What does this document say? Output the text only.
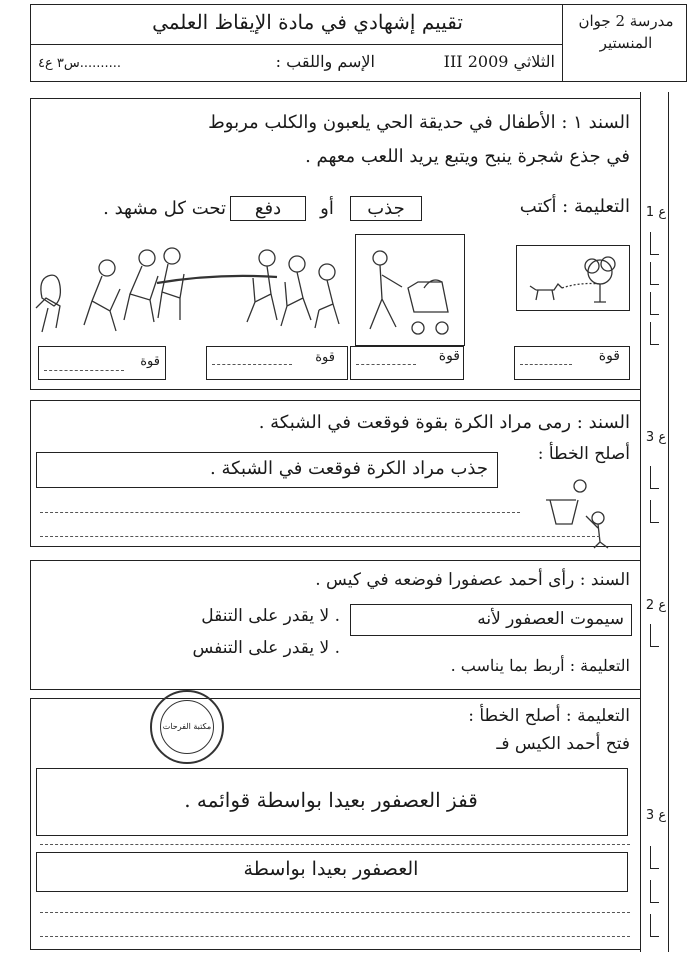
مدرسة 2 جوان المنستير
تقييم إشهادي في مادة الإيقاظ العلمي
الثلاثي III 2009
الإسم واللقب :
..........س٣ ع٤
السند ١ : الأطفال في حديقة الحي يلعبون والكلب مربوط
في جذع شجرة ينبح ويتبع يريد اللعب معهم .
التعليمة : أكتب
جذب
أو
دفع
تحت كل مشهد .
قوة	قوة	قوة	قوة
ع 1
السند : رمى مراد الكرة بقوة فوقعت في الشبكة .
أصلح الخطأ :
جذب مراد الكرة فوقعت في الشبكة .
ع 3
السند : رأى أحمد عصفورا فوضعه في كيس .
سيموت العصفور لأنه
. لا يقدر على التنقل
. لا يقدر على التنفس
التعليمة : أربط بما يناسب .
ع 2
مكتبة الفرحات
التعليمة : أصلح الخطأ :
فتح أحمد الكيس فـ
قفز العصفور بعيدا بواسطة قوائمه .
العصفور بعيدا بواسطة
ع 3
